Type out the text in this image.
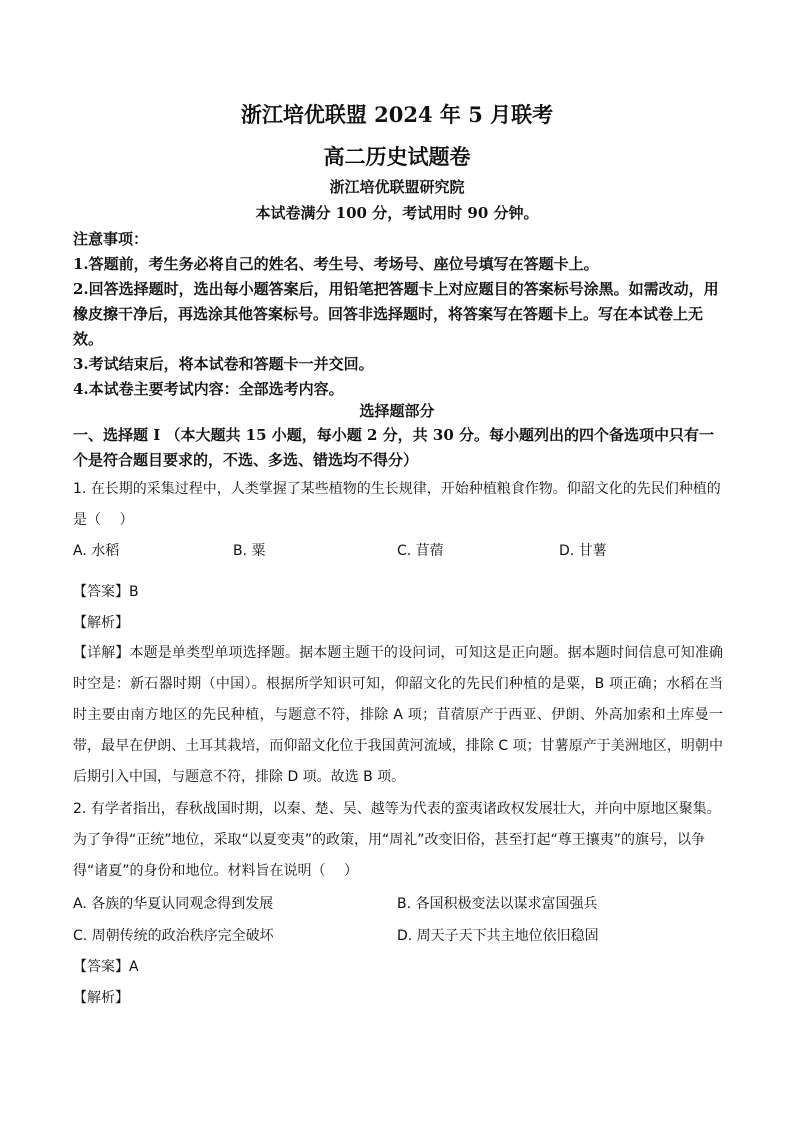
浙江培优联盟 2024 年 5 月联考
高二历史试题卷
浙江培优联盟研究院
本试卷满分 100 分，考试用时 90 分钟。

注意事项：

1.答题前，考生务必将自己的姓名、考生号、考场号、座位号填写在答题卡上。

2.回答选择题时，选出每小题答案后，用铅笔把答题卡上对应题目的答案标号涂黑。如需改动，用橡皮擦干净后，再选涂其他答案标号。回答非选择题时，将答案写在答题卡上。写在本试卷上无效。

3.考试结束后，将本试卷和答题卡一并交回。

4.本试卷主要考试内容：全部选考内容。

选择题部分
一、选择题 I （本大题共 15 小题，每小题 2 分，共 30 分。每小题列出的四个备选项中只有一个是符合题目要求的，不选、多选、错选均不得分）
1. 在长期的采集过程中，人类掌握了某些植物的生长规律，开始种植粮食作物。仰韶文化的先民们种植的是（　 ）
A. 水稻	B. 粟	C. 苜蓿	D. 甘薯
【答案】B
【解析】
【详解】本题是单类型单项选择题。据本题主题干的设问词，可知这是正向题。据本题时间信息可知准确时空是：新石器时期（中国）。根据所学知识可知，仰韶文化的先民们种植的是粟，B 项正确；水稻在当时主要由南方地区的先民种植，与题意不符，排除 A 项；苜蓿原产于西亚、伊朗、外高加索和土库曼一带，最早在伊朗、土耳其栽培，而仰韶文化位于我国黄河流域，排除 C 项；甘薯原产于美洲地区，明朝中后期引入中国，与题意不符，排除 D 项。故选 B 项。
2. 有学者指出，春秋战国时期，以秦、楚、吴、越等为代表的蛮夷诸政权发展壮大，并向中原地区聚集。为了争得“正统”地位，采取“以夏变夷”的政策，用“周礼”改变旧俗，甚至打起“尊王攘夷”的旗号，以争得“诸夏”的身份和地位。材料旨在说明（　 ）
A. 各族的华夏认同观念得到发展	B. 各国积极变法以谋求富国强兵
C. 周朝传统的政治秩序完全破坏	D. 周天子天下共主地位依旧稳固
【答案】A
【解析】
